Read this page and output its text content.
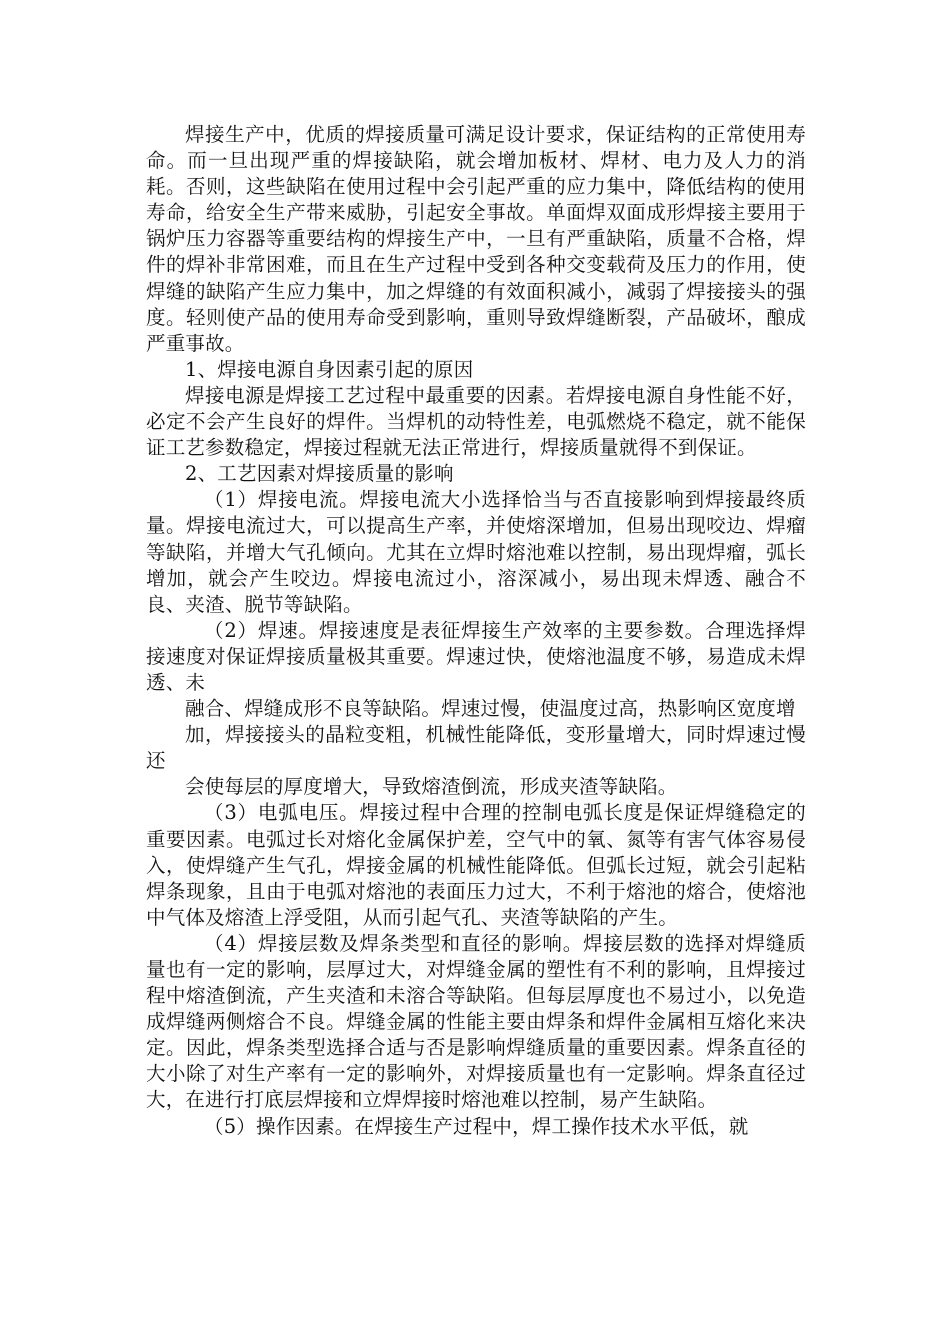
焊接生产中，优质的焊接质量可满足设计要求，保证结构的正常使用寿命。而一旦出现严重的焊接缺陷，就会增加板材、焊材、电力及人力的消耗。否则，这些缺陷在使用过程中会引起严重的应力集中，降低结构的使用寿命，给安全生产带来威胁，引起安全事故。单面焊双面成形焊接主要用于锅炉压力容器等重要结构的焊接生产中，一旦有严重缺陷，质量不合格，焊件的焊补非常困难，而且在生产过程中受到各种交变载荷及压力的作用，使焊缝的缺陷产生应力集中，加之焊缝的有效面积减小，减弱了焊接接头的强度。轻则使产品的使用寿命受到影响，重则导致焊缝断裂，产品破坏，酿成严重事故。

1、焊接电源自身因素引起的原因

焊接电源是焊接工艺过程中最重要的因素。若焊接电源自身性能不好，必定不会产生良好的焊件。当焊机的动特性差，电弧燃烧不稳定，就不能保证工艺参数稳定，焊接过程就无法正常进行，焊接质量就得不到保证。

2、工艺因素对焊接质量的影响

（1）焊接电流。焊接电流大小选择恰当与否直接影响到焊接最终质量。焊接电流过大，可以提高生产率，并使熔深增加，但易出现咬边、焊瘤等缺陷，并增大气孔倾向。尤其在立焊时熔池难以控制，易出现焊瘤，弧长增加，就会产生咬边。焊接电流过小，溶深减小，易出现未焊透、融合不良、夹渣、脱节等缺陷。

（2）焊速。焊接速度是表征焊接生产效率的主要参数。合理选择焊接速度对保证焊接质量极其重要。焊速过快，使熔池温度不够，易造成未焊透、未

融合、焊缝成形不良等缺陷。焊速过慢，使温度过高，热影响区宽度增

加，焊接接头的晶粒变粗，机械性能降低，变形量增大，同时焊速过慢还

会使每层的厚度增大，导致熔渣倒流，形成夹渣等缺陷。

（3）电弧电压。焊接过程中合理的控制电弧长度是保证焊缝稳定的重要因素。电弧过长对熔化金属保护差，空气中的氧、氮等有害气体容易侵入，使焊缝产生气孔，焊接金属的机械性能降低。但弧长过短，就会引起粘焊条现象，且由于电弧对熔池的表面压力过大，不利于熔池的熔合，使熔池中气体及熔渣上浮受阻，从而引起气孔、夹渣等缺陷的产生。

（4）焊接层数及焊条类型和直径的影响。焊接层数的选择对焊缝质量也有一定的影响，层厚过大，对焊缝金属的塑性有不利的影响，且焊接过程中熔渣倒流，产生夹渣和未溶合等缺陷。但每层厚度也不易过小，以免造成焊缝两侧熔合不良。焊缝金属的性能主要由焊条和焊件金属相互熔化来决定。因此，焊条类型选择合适与否是影响焊缝质量的重要因素。焊条直径的大小除了对生产率有一定的影响外，对焊接质量也有一定影响。焊条直径过大，在进行打底层焊接和立焊焊接时熔池难以控制，易产生缺陷。

（5）操作因素。在焊接生产过程中，焊工操作技术水平低，就
